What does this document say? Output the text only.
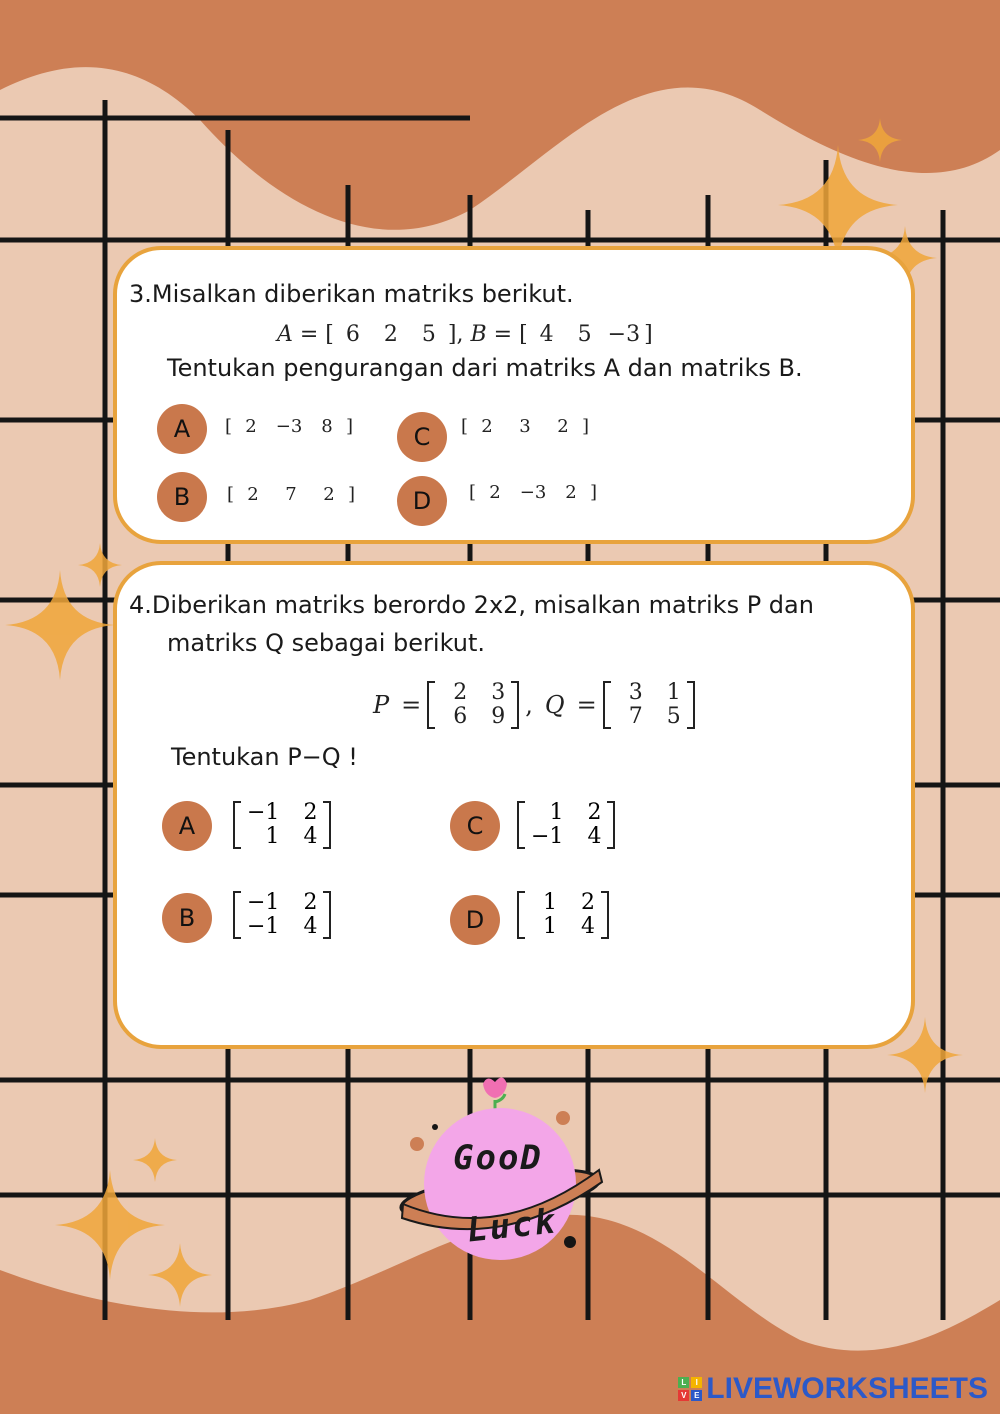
3.Misalkan diberikan matriks berikut.

A = [ 6 2 5 ], B = [ 4 5 −3 ]

Tentukan pengurangan dari matriks A dan matriks B.

A	[ 2 −3 8 ]
B	[ 2 7 2 ]
C	[ 2 3 2 ]
D	[ 2 −3 2 ]

4.Diberikan matriks berordo 2x2, misalkan matriks P dan

matriks Q sebagai berikut.

P = 2	3
6	9 , Q = 3	1
7	5

Tentukan P−Q !

A	−1	2
1	4
B
−1	2
−1	4
C	1	2
−1	4
D
1	2
1	4
GooD
Luck
L	I
V E LIVEWORKSHEETS
